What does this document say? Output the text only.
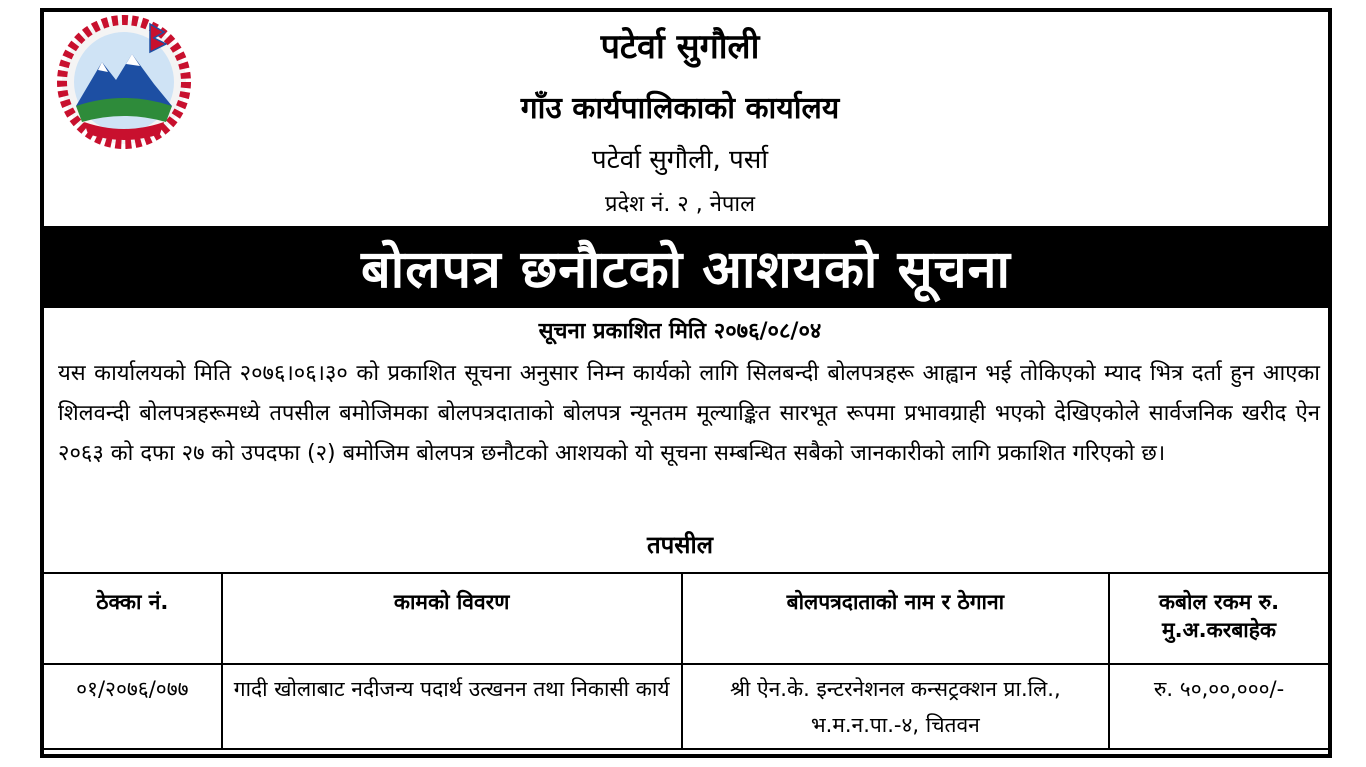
पटेर्वा सुगौली
गाँउ कार्यपालिकाको कार्यालय
पटेर्वा सुगौली, पर्सा
प्रदेश नं. २ , नेपाल
बोलपत्र छनौटको आशयको सूचना
सूचना प्रकाशित मिति २०७६/०८/०४
यस कार्यालयको मिति २०७६।०६।३० को प्रकाशित सूचना अनुसार निम्न कार्यको लागि सिलबन्दी बोलपत्रहरू आह्वान भई तोकिएको म्याद भित्र दर्ता हुन आएका शिलवन्दी बोलपत्रहरूमध्ये तपसील बमोजिमका बोलपत्रदाताको बोलपत्र न्यूनतम मूल्याङ्कित सारभूत रूपमा प्रभावग्राही भएको देखिएकोले सार्वजनिक खरीद ऐन २०६३ को दफा २७ को उपदफा (२) बमोजिम बोलपत्र छनौटको आशयको यो सूचना सम्बन्धित सबैको जानकारीको लागि प्रकाशित गरिएको छ।
तपसील
ठेक्का नं.	कामको विवरण	बोलपत्रदाताको नाम र ठेगाना	कबोल रकम रु. मु.अ.करबाहेक
०१/२०७६/०७७	गादी खोलाबाट नदीजन्य पदार्थ उत्खनन तथा निकासी कार्य	श्री ऐन.के. इन्टरनेशनल कन्सट्रक्शन प्रा.लि., भ.म.न.पा.-४, चितवन	रु. ५०,००,०००/-
